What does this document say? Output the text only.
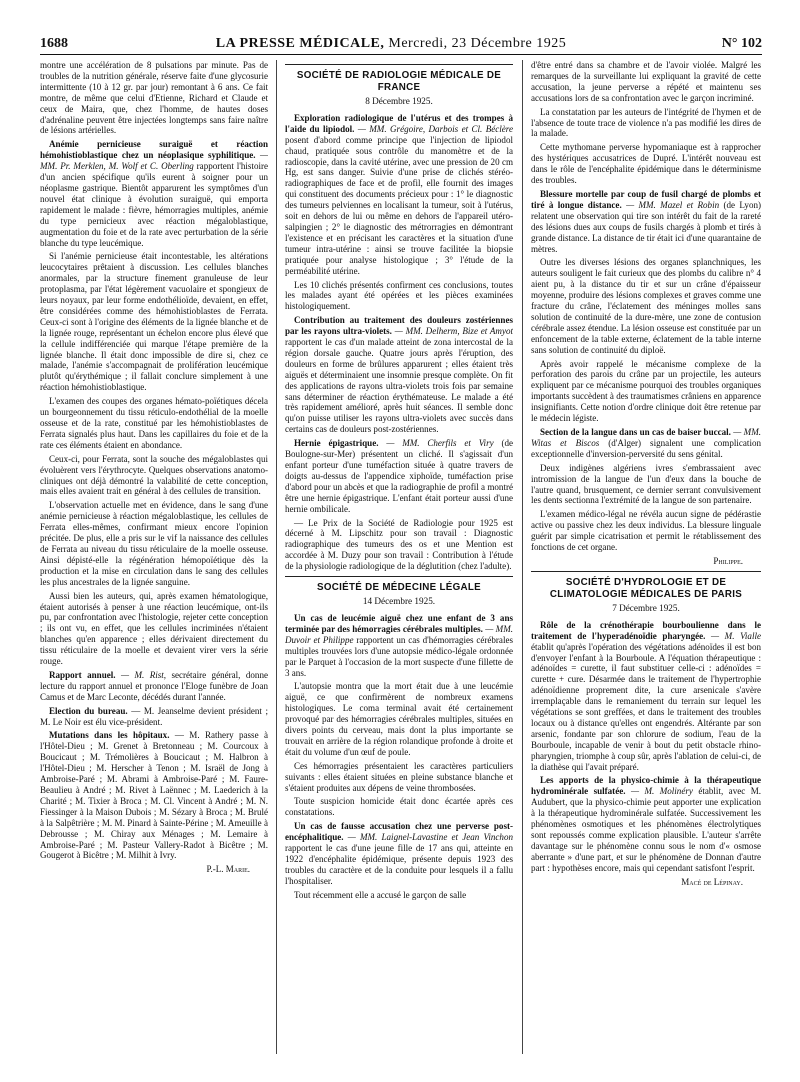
1688	LA PRESSE MÉDICALE, Mercredi, 23 Décembre 1925	N° 102

montre une accélération de 8 pulsations par minute. Pas de troubles de la nutrition générale, réserve faite d'une glycosurie intermittente (10 à 12 gr. par jour) remontant à 6 ans. Ce fait montre, de même que celui d'Etienne, Richard et Claude et ceux de Maira, que, chez l'homme, de hautes doses d'adrénaline peuvent être injectées longtemps sans faire naître de lésions artérielles.

Anémie pernicieuse suraiguë et réaction hémohistioblastique chez un néoplasique syphilitique. — MM. Pr. Merklen, M. Wolf et C. Oberling rapportent l'histoire d'un ancien spécifique qu'ils eurent à soigner pour un néoplasme gastrique. Bientôt apparurent les symptômes d'un nouvel état clinique à évolution suraiguë, qui emporta rapidement le malade : fièvre, hémorragies multiples, anémie du type pernicieux avec réaction mégaloblastique, augmentation du foie et de la rate avec perturbation de la série blanche du type leucémique.

Si l'anémie pernicieuse était incontestable, les altérations leucocytaires prêtaient à discussion. Les cellules blanches anormales, par la structure finement granuleuse de leur protoplasma, par l'état légèrement vacuolaire et spongieux de leurs noyaux, par leur forme endothélioïde, devaient, en effet, être considérées comme des hémohistioblastes de Ferrata. Ceux-ci sont à l'origine des éléments de la lignée blanche et de la lignée rouge, représentant un échelon encore plus élevé que la cellule indifférenciée qui marque l'étape première de la lignée blanche. Il était donc impossible de dire si, chez ce malade, l'anémie s'accompagnait de prolifération leucémique plutôt qu'érythémique ; il fallait conclure simplement à une réaction hémohistioblastique.

L'examen des coupes des organes hémato-poïétiques décela un bourgeonnement du tissu réticulo-endothélial de la moelle osseuse et de la rate, constitué par les hémohistioblastes de Ferrata signalés plus haut. Dans les capillaires du foie et de la rate ces éléments étaient en abondance.

Ceux-ci, pour Ferrata, sont la souche des mégaloblastes qui évoluèrent vers l'érythrocyte. Quelques observations anatomo-cliniques ont déjà démontré la valabilité de cette conception, mais elles avaient trait en général à des cellules de transition.

L'observation actuelle met en évidence, dans le sang d'une anémie pernicieuse à réaction mégaloblastique, les cellules de Ferrata elles-mêmes, confirmant mieux encore l'opinion précitée. De plus, elle a pris sur le vif la naissance des cellules de Ferrata au niveau du tissu réticulaire de la moelle osseuse. Ainsi dépisté-elle la régénération hémopoïétique dès la production et la mise en circulation dans le sang des cellules les plus ancestrales de la lignée sanguine.

Aussi bien les auteurs, qui, après examen hématologique, étaient autorisés à penser à une réaction leucémique, ont-ils pu, par confrontation avec l'histologie, rejeter cette conception ; ils ont vu, en effet, que les cellules incriminées n'étaient blanches qu'en apparence ; elles dérivaient directement du tissu réticulaire de la moelle et devaient virer vers la série rouge.

Rapport annuel. — M. Rist, secrétaire général, donne lecture du rapport annuel et prononce l'Eloge funèbre de Joan Camus et de Marc Leconte, décédés durant l'année.

Election du bureau. — M. Jeanselme devient président ; M. Le Noir est élu vice-président.

Mutations dans les hôpitaux. — M. Rathery passe à l'Hôtel-Dieu ; M. Grenet à Bretonneau ; M. Courcoux à Boucicaut ; M. Trémolières à Boucicaut ; M. Halbron à l'Hôtel-Dieu ; M. Herscher à Tenon ; M. Israël de Jong à Ambroise-Paré ; M. Abrami à Ambroise-Paré ; M. Faure-Beaulieu à André ; M. Rivet à Laënnec ; M. Laederich à la Charité ; M. Tixier à Broca ; M. Cl. Vincent à André ; M. N. Fiessinger à la Maison Dubois ; M. Sézary à Broca ; M. Brulé à la Salpêtrière ; M. M. Pinard à Sainte-Périne ; M. Ameuille à Debrousse ; M. Chiray aux Ménages ; M. Lemaire à Ambroise-Paré ; M. Pasteur Vallery-Radot à Bicêtre ; M. Gougerot à Bicêtre ; M. Milhit à Ivry.

P.-L. Marie.
SOCIÉTÉ DE RADIOLOGIE MÉDICALE DE FRANCE
8 Décembre 1925.

Exploration radiologique de l'utérus et des trompes à l'aide du lipiodol. — MM. Grégoire, Darbois et Cl. Béclère posent d'abord comme principe que l'injection de lipiodol chaud, pratiquée sous contrôle du manomètre et de la radioscopie, dans la cavité utérine, avec une pression de 20 cm Hg, est sans danger. Suivie d'une prise de clichés stéréo-radiographiques de face et de profil, elle fournit des images qui constituent des documents précieux pour : 1° le diagnostic des tumeurs pelviennes en localisant la tumeur, soit à l'utérus, soit en dehors de lui ou même en dehors de l'appareil utéro-salpingien ; 2° le diagnostic des métrorragies en démontrant l'existence et en précisant les caractères et la situation d'une tumeur intra-utérine : ainsi se trouve facilitée la biopsie pratiquée pour analyse histologique ; 3° l'étude de la perméabilité utérine.

Les 10 clichés présentés confirment ces conclusions, toutes les malades ayant été opérées et les pièces examinées histologiquement.

Contribution au traitement des douleurs zostériennes par les rayons ultra-violets. — MM. Delherm, Bize et Amyot rapportent le cas d'un malade atteint de zona intercostal de la région dorsale gauche. Quatre jours après l'éruption, des douleurs en forme de brûlures apparurent ; elles étaient très aiguës et déterminaient une insomnie presque complète. On fit des applications de rayons ultra-violets trois fois par semaine sans déterminer de réaction érythémateuse. Le malade a été très rapidement amélioré, après huit séances. Il semble donc qu'on puisse utiliser les rayons ultra-violets avec succès dans certains cas de douleurs post-zostériennes.

Hernie épigastrique. — MM. Cherfils et Viry (de Boulogne-sur-Mer) présentent un cliché. Il s'agissait d'un enfant porteur d'une tuméfaction située à quatre travers de doigts au-dessus de l'appendice xiphoïde, tuméfaction prise d'abord pour un abcès et que la radiographie de profil a montré être une hernie épigastrique. L'enfant était porteur aussi d'une hernie ombilicale.

— Le Prix de la Société de Radiologie pour 1925 est décerné à M. Lipschitz pour son travail : Diagnostic radiographique des tumeurs des os et une Mention est accordée à M. Duzy pour son travail : Contribution à l'étude de la physiologie radiologique de la déglutition (chez l'adulte).

SOCIÉTÉ DE MÉDECINE LÉGALE
14 Décembre 1925.

Un cas de leucémie aiguë chez une enfant de 3 ans terminée par des hémorragies cérébrales multiples. — MM. Duvoir et Philippe rapportent un cas d'hémorragies cérébrales multiples trouvées lors d'une autopsie médico-légale ordonnée par le Parquet à l'occasion de la mort suspecte d'une fillette de 3 ans.

L'autopsie montra que la mort était due à une leucémie aiguë, ce que confirmèrent de nombreux examens histologiques. Le coma terminal avait été certainement provoqué par des hémorragies cérébrales multiples, situées en divers points du cerveau, mais dont la plus importante se trouvait en arrière de la région rolandique profonde à droite et était du volume d'un œuf de poule.

Ces hémorragies présentaient les caractères particuliers suivants : elles étaient situées en pleine substance blanche et s'étaient produites aux dépens de veine thrombosées.

Toute suspicion homicide était donc écartée après ces constatations.

Un cas de fausse accusation chez une perverse post-encéphalitique. — MM. Laignel-Lavastine et Jean Vinchon rapportent le cas d'une jeune fille de 17 ans qui, atteinte en 1922 d'encéphalite épidémique, présente depuis 1923 des troubles du caractère et de la conduite pour lesquels il a fallu l'hospitaliser.

Tout récemment elle a accusé le garçon de salle

d'être entré dans sa chambre et de l'avoir violée. Malgré les remarques de la surveillante lui expliquant la gravité de cette accusation, la jeune perverse a répété et maintenu ses accusations lors de sa confrontation avec le garçon incriminé.

La constatation par les auteurs de l'intégrité de l'hymen et de l'absence de toute trace de violence n'a pas modifié les dires de la malade.

Cette mythomane perverse hypomaniaque est à rapprocher des hystériques accusatrices de Dupré. L'intérêt nouveau est dans le rôle de l'encéphalite épidémique dans le déterminisme des troubles.

Blessure mortelle par coup de fusil chargé de plombs et tiré à longue distance. — MM. Mazel et Robin (de Lyon) relatent une observation qui tire son intérêt du fait de la rareté des lésions dues aux coups de fusils chargés à plomb et tirés à grande distance. La distance de tir était ici d'une quarantaine de mètres.

Outre les diverses lésions des organes splanchniques, les auteurs souligent le fait curieux que des plombs du calibre n° 4 aient pu, à la distance du tir et sur un crâne d'épaisseur moyenne, produire des lésions complexes et graves comme une fracture du crâne, l'éclatement des méninges molles sans solution de continuité de la dure-mère, une zone de contusion cérébrale assez étendue. La lésion osseuse est constituée par un enfoncement de la table externe, éclatement de la table interne sans solution de continuité du diploë.

Après avoir rappelé le mécanisme complexe de la perforation des parois du crâne par un projectile, les auteurs expliquent par ce mécanisme pourquoi des troubles organiques importants succèdent à des traumatismes crâniens en apparence insignifiants. Cette notion d'ordre clinique doit être retenue par le médecin légiste.

Section de la langue dans un cas de baiser buccal. — MM. Witas et Biscos (d'Alger) signalent une complication exceptionnelle d'inversion-perversité du sens génital.

Deux indigènes algériens ivres s'embrassaient avec intromission de la langue de l'un d'eux dans la bouche de l'autre quand, brusquement, ce dernier serrant convulsivement les dents sectionna l'extrémité de la langue de son partenaire.

L'examen médico-légal ne révéla aucun signe de pédérastie active ou passive chez les deux individus. La blessure linguale guérit par simple cicatrisation et permit le rétablissement des fonctions de cet organe.

Philippe.
SOCIÉTÉ D'HYDROLOGIE ET DE CLIMATOLOGIE MÉDICALES DE PARIS
7 Décembre 1925.

Rôle de la crénothérapie bourboulienne dans le traitement de l'hyperadénoïdie pharyngée. — M. Vialle établit qu'après l'opération des végétations adénoïdes il est bon d'envoyer l'enfant à la Bourboule. A l'équation thérapeutique : adénoïdes = curette, il faut substituer celle-ci : adénoïdes = curette + cure. Désarmée dans le traitement de l'hypertrophie adénoïdienne proprement dite, la cure arsenicale s'avère irremplaçable dans le remaniement du terrain sur lequel les végétations se sont greffées, et dans le traitement des troubles locaux ou à distance qu'elles ont engendrés. Altérante par son arsenic, fondante par son chlorure de sodium, l'eau de la Bourboule, incapable de venir à bout du petit obstacle rhino-pharyngien, triomphe à coup sûr, après l'ablation de celui-ci, de la diathèse qui l'avait préparé.

Les apports de la physico-chimie à la thérapeutique hydrominérale sulfatée. — M. Molinéry établit, avec M. Audubert, que la physico-chimie peut apporter une explication à la thérapeutique hydrominérale sulfatée. Successivement les phénomènes osmotiques et les phénomènes électrolytiques sont repoussés comme explication plausible. L'auteur s'arrête davantage sur le phénomène connu sous le nom d'« osmose aberrante » d'une part, et sur le phénomène de Donnan d'autre part : hypothèses encore, mais qui cependant satisfont l'esprit.

Macé de Lépinay.
